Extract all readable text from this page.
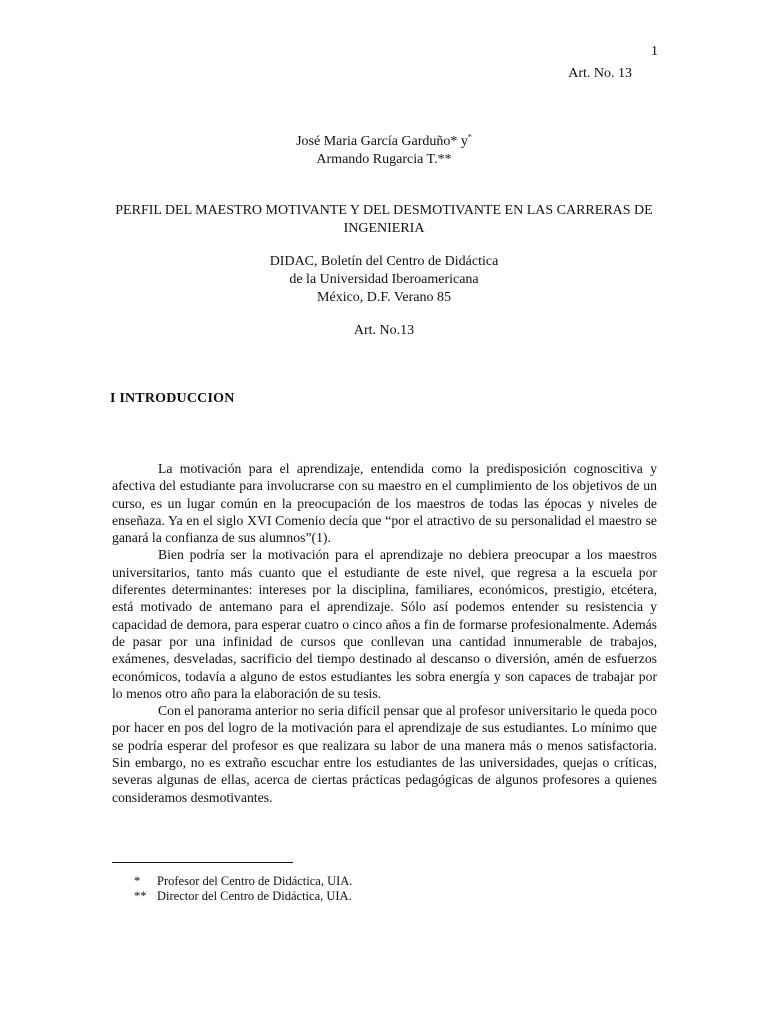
1
Art. No. 13
José Maria García Garduño* y*
Armando Rugarcia T.**
PERFIL DEL MAESTRO MOTIVANTE Y DEL DESMOTIVANTE EN LAS CARRERAS DE INGENIERIA
DIDAC, Boletín del Centro de Didáctica
de la Universidad Iberoamericana
México, D.F. Verano 85
Art. No.13
I INTRODUCCION

La motivación para el aprendizaje, entendida como la predisposición cognoscitiva y afectiva del estudiante para involucrarse con su maestro en el cumplimiento de los objetivos de un curso, es un lugar común en la preocupación de los maestros de todas las épocas y niveles de enseñaza. Ya en el siglo XVI Comenio decía que “por el atractivo de su personalidad el maestro se ganará la confianza de sus alumnos”(1).

Bien podría ser la motivación para el aprendizaje no debiera preocupar a los maestros universitarios, tanto más cuanto que el estudiante de este nivel, que regresa a la escuela por diferentes determinantes: intereses por la disciplina, familiares, económicos, prestigio, etcétera, está motivado de antemano para el aprendizaje. Sólo así podemos entender su resistencia y capacidad de demora, para esperar cuatro o cinco años a fin de formarse profesionalmente. Además de pasar por una infinidad de cursos que conllevan una cantidad innumerable de trabajos, exámenes, desveladas, sacrificio del tiempo destinado al descanso o diversión, amén de esfuerzos económicos, todavía a alguno de estos estudiantes les sobra energía y son capaces de trabajar por lo menos otro año para la elaboración de su tesis.

Con el panorama anterior no seria difícil pensar que al profesor universitario le queda poco por hacer en pos del logro de la motivación para el aprendizaje de sus estudiantes. Lo mínimo que se podría esperar del profesor es que realizara su labor de una manera más o menos satisfactoria. Sin embargo, no es extraño escuchar entre los estudiantes de las universidades, quejas o críticas, severas algunas de ellas, acerca de ciertas prácticas pedagógicas de algunos profesores a quienes consideramos desmotivantes.

*	Profesor del Centro de Didáctica, UIA.
** Director del Centro de Didáctica, UIA.
